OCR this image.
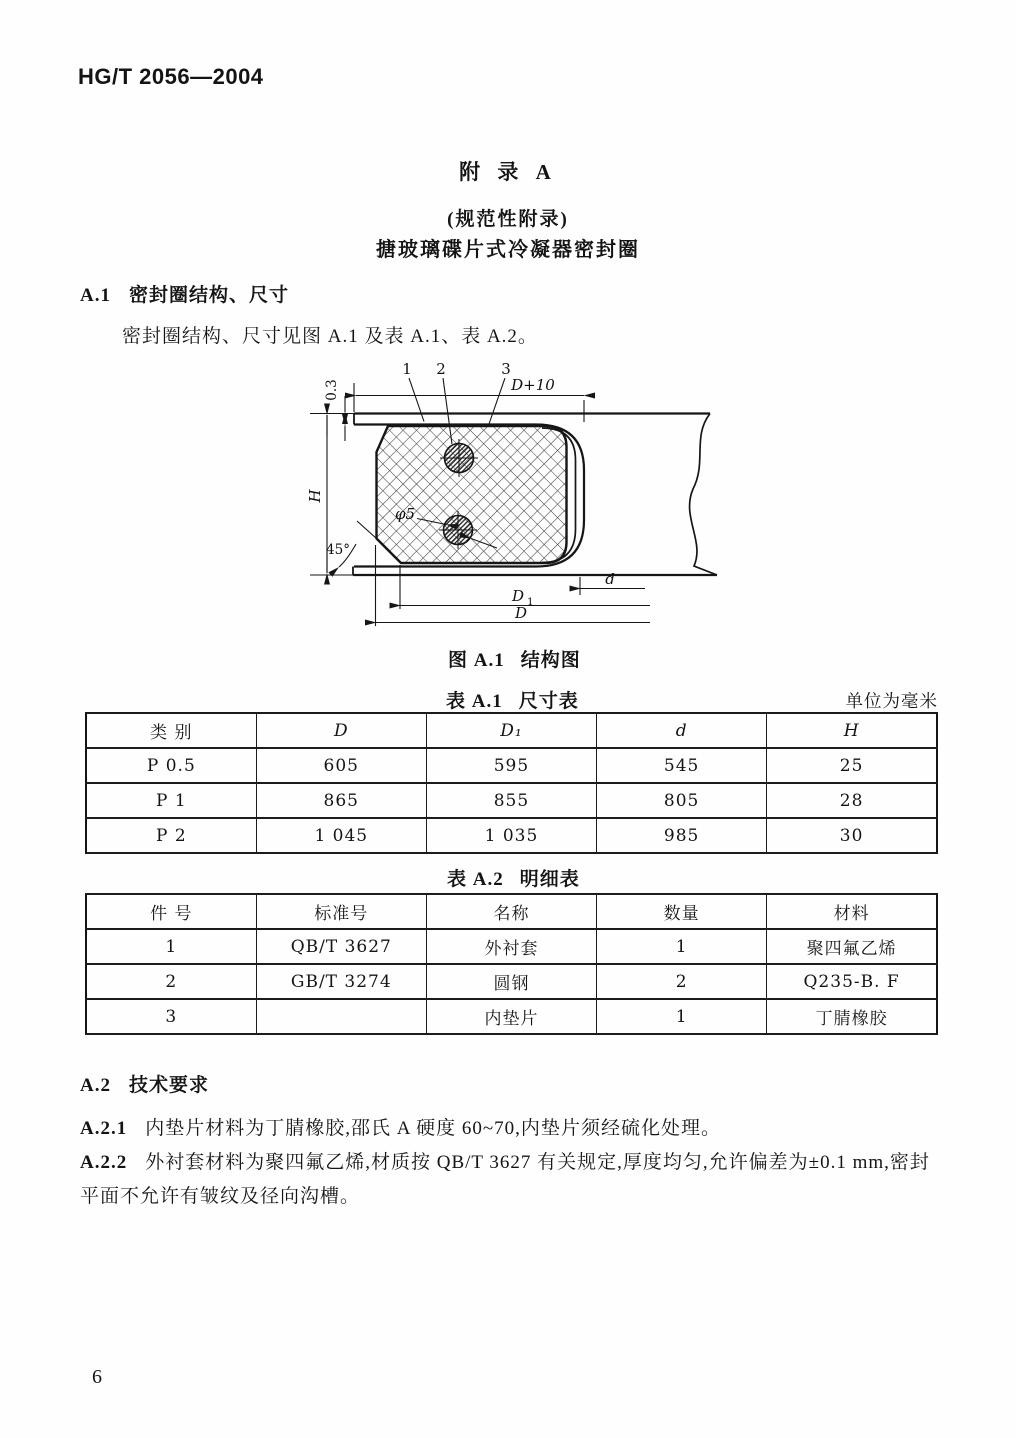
HG/T 2056—2004
附 录 A
(规范性附录)
搪玻璃碟片式冷凝器密封圈
A.1 密封圈结构、尺寸
密封圈结构、尺寸见图 A.1 及表 A.1、表 A.2。
1 2	3
D+10
0.3
H
45°
φ5
d
D 1
D
图 A.1 结构图
表 A.1 尺寸表	单位为毫米
类 别	D	D₁	d	H
P 0.5	605	595	545	25
P 1	865	855	805	28
P 2	1 045	1 035	985	30
表 A.2 明细表
件 号	标准号	名称	数量	材料
1	QB/T 3627	外衬套	1	聚四氟乙烯
2	GB/T 3274	圆钢	2	Q235-B. F
3		内垫片	1	丁腈橡胶
A.2 技术要求
A.2.1 内垫片材料为丁腈橡胶,邵氏 A 硬度 60~70,内垫片须经硫化处理。
A.2.2 外衬套材料为聚四氟乙烯,材质按 QB/T 3627 有关规定,厚度均匀,允许偏差为±0.1 mm,密封平面不允许有皱纹及径向沟槽。
6
